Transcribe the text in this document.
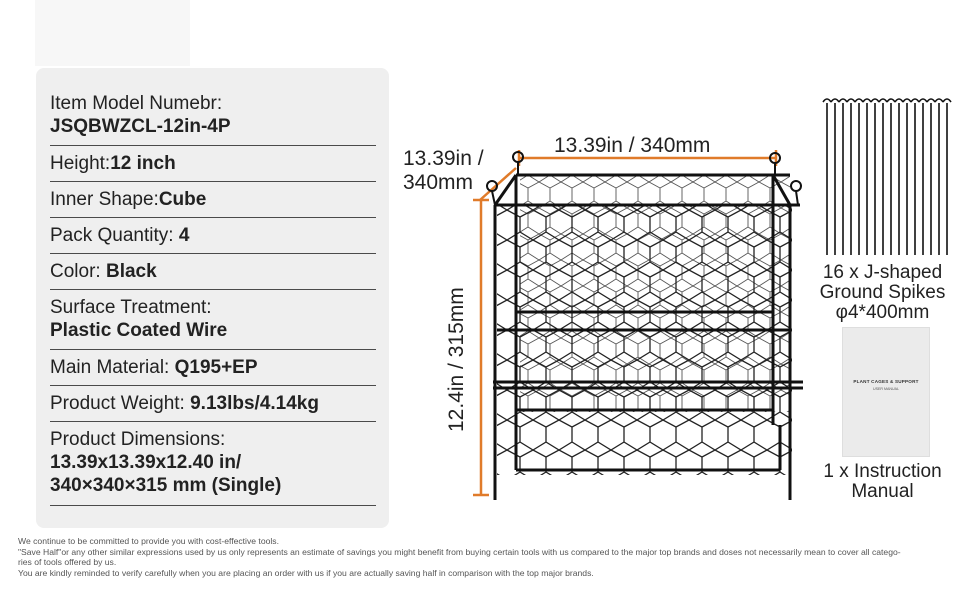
Item Model Numebr:
JSQBWZCL-12in-4P
Height:12 inch
Inner Shape:Cube
Pack Quantity: 4
Color: Black
Surface Treatment:
Plastic Coated Wire
Main Material: Q195+EP
Product Weight: 9.13lbs/4.14kg
Product Dimensions:
13.39x13.39x12.40 in/
340×340×315 mm (Single)
13.39in / 340mm
13.39in /
340mm
12.4in / 315mm
16 x J-shaped
Ground Spikes
φ4*400mm
PLANT CAGES & SUPPORT
USER MANUAL
1 x Instruction
Manual
We continue to be committed to provide you with cost-effective tools.
"Save Half"or any other similar expressions used by us only represents an estimate of savings you might benefit from buying certain tools with us compared to the major top brands and doses not necessarily mean to cover all catego-
ries of tools offered by us.
You are kindly reminded to verify carefully when you are placing an order with us if you are actually saving half in comparison with the top major brands.
